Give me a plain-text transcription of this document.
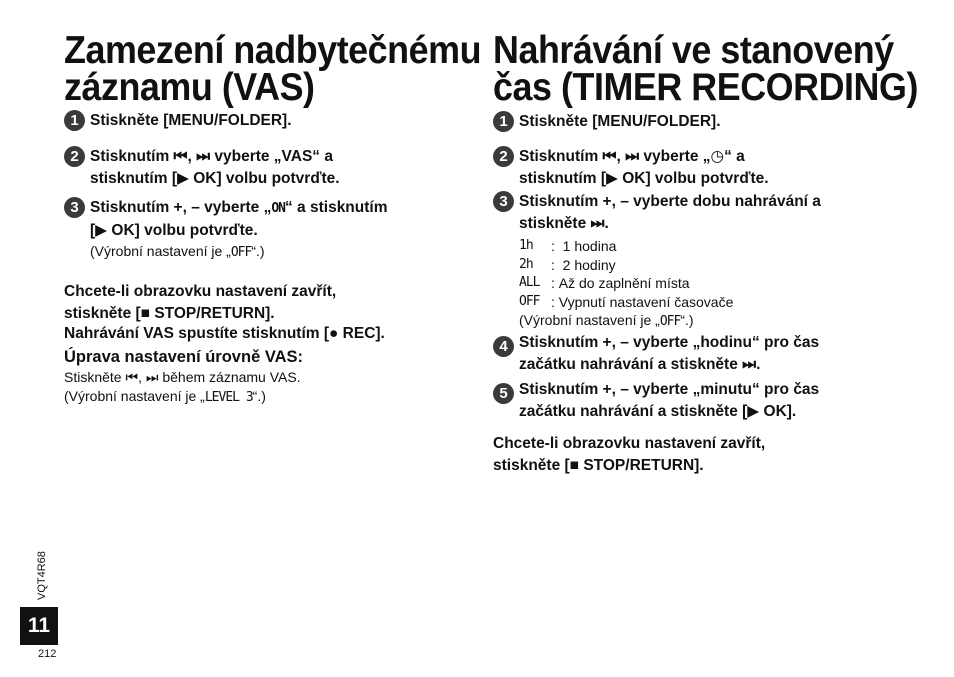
Zamezení nadbytečnému
záznamu (VAS)
1 Stiskněte [MENU/FOLDER].
2 Stisknutím ⏮, ⏭ vyberte „VAS“ a
stisknutím [▶ OK] volbu potvrďte.
3 Stisknutím +, – vyberte „ON“ a stisknutím
[▶ OK] volbu potvrďte.
(Výrobní nastavení je „OFF“.)
Chcete-li obrazovku nastavení zavřít,
stiskněte [■ STOP/RETURN].
Nahrávání VAS spustíte stisknutím [● REC].
Úprava nastavení úrovně VAS:
Stiskněte ⏮, ⏭ během záznamu VAS.
(Výrobní nastavení je „LEVEL 3“.)
Nahrávání ve stanovený
čas (TIMER RECORDING)
1 Stiskněte [MENU/FOLDER].
2 Stisknutím ⏮, ⏭ vyberte „◷“ a
stisknutím [▶ OK] volbu potvrďte.
3 Stisknutím +, – vyberte dobu nahrávání a
stiskněte ⏭.
1h	: 1 hodina
2h	: 2 hodiny
ALL : Až do zaplnění místa
OFF : Vypnutí nastavení časovače
(Výrobní nastavení je „OFF“.)
4 Stisknutím +, – vyberte „hodinu“ pro čas
začátku nahrávání a stiskněte ⏭.
5 Stisknutím +, – vyberte „minutu“ pro čas
začátku nahrávání a stiskněte [▶ OK].
Chcete-li obrazovku nastavení zavřít,
stiskněte [■ STOP/RETURN].
VQT4R68
11
212
